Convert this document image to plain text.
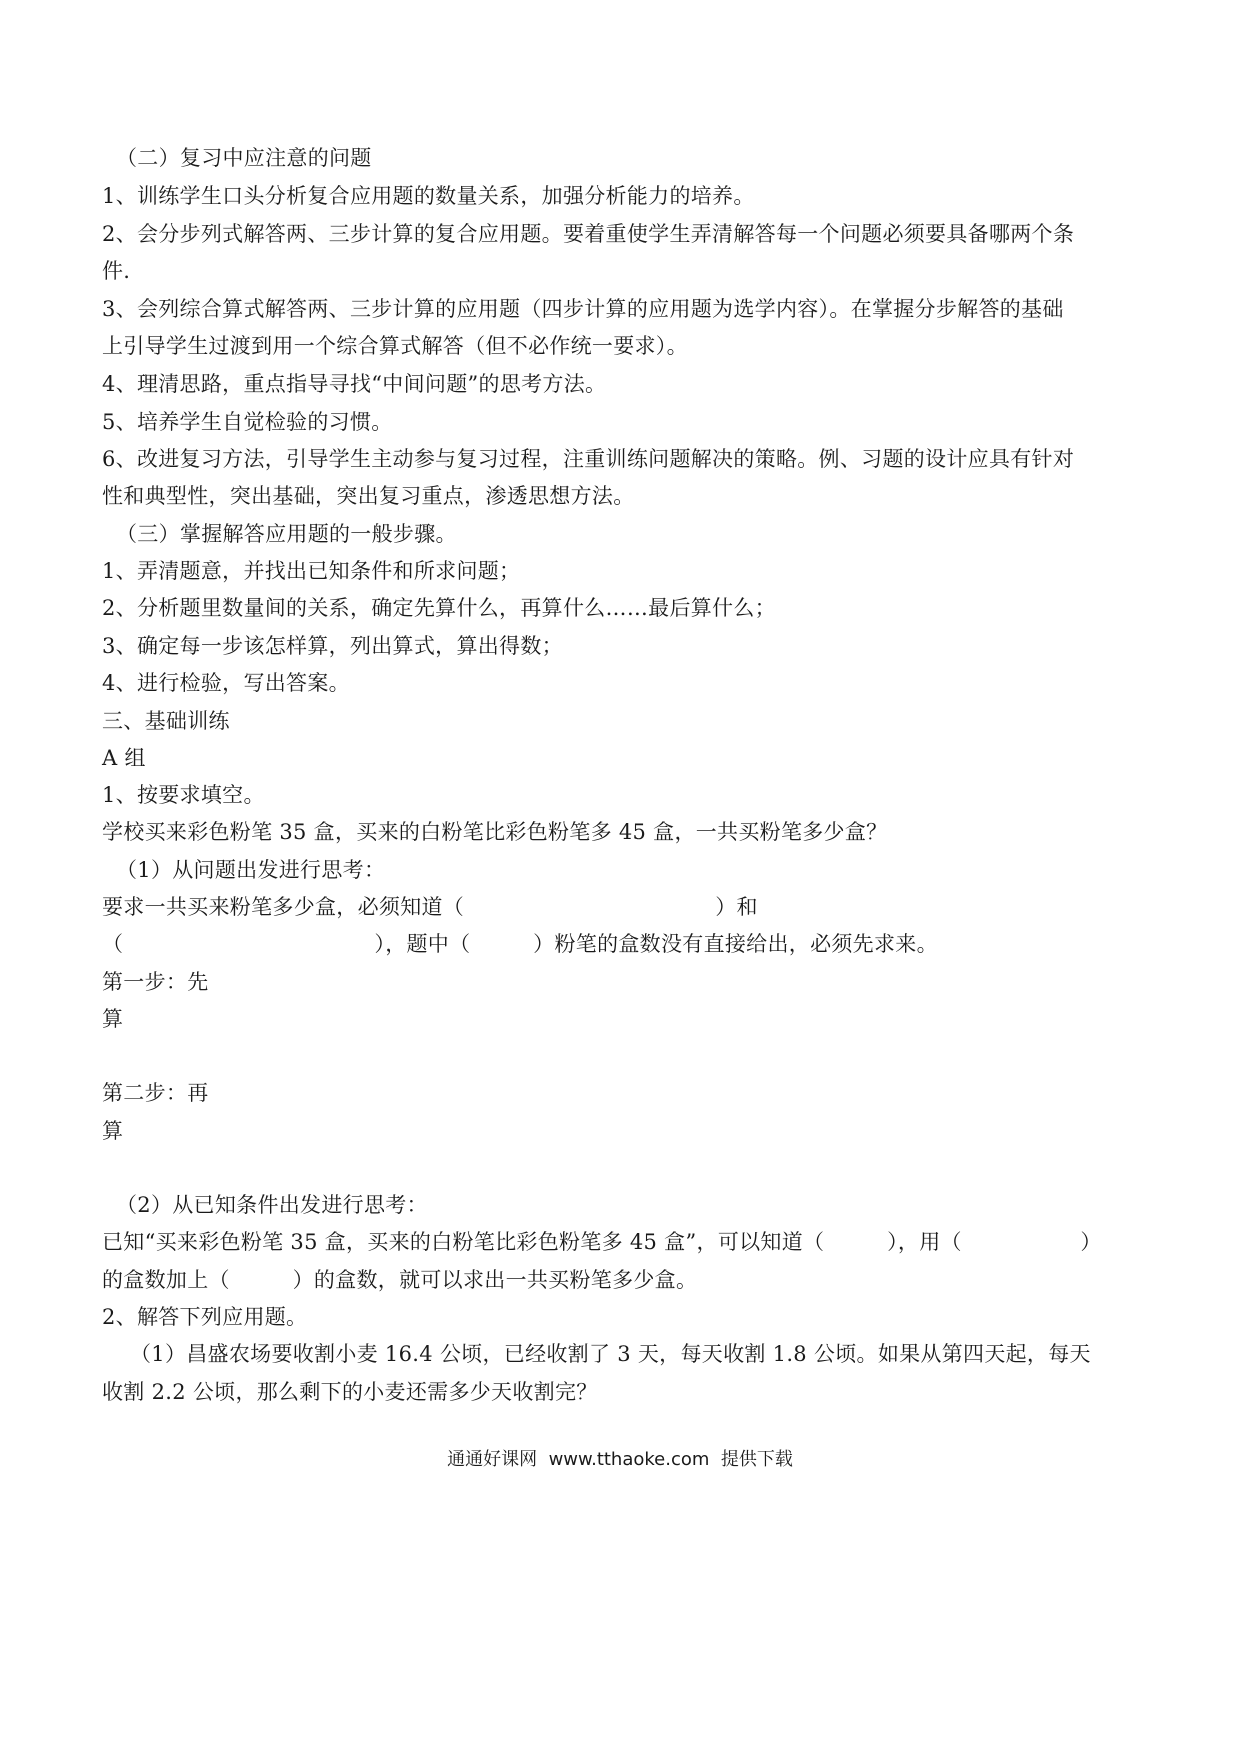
（二）复习中应注意的问题
1、训练学生口头分析复合应用题的数量关系，加强分析能力的培养。
2、会分步列式解答两、三步计算的复合应用题。要着重使学生弄清解答每一个问题必须要具备哪两个条
件.
3、会列综合算式解答两、三步计算的应用题（四步计算的应用题为选学内容）。在掌握分步解答的基础
上引导学生过渡到用一个综合算式解答（但不必作统一要求）。
4、理清思路，重点指导寻找“中间问题”的思考方法。
5、培养学生自觉检验的习惯。
6、改进复习方法，引导学生主动参与复习过程，注重训练问题解决的策略。例、习题的设计应具有针对
性和典型性，突出基础，突出复习重点，渗透思想方法。
（三）掌握解答应用题的一般步骤。
1、弄清题意，并找出已知条件和所求问题；
2、分析题里数量间的关系，确定先算什么，再算什么……最后算什么；
3、确定每一步该怎样算，列出算式，算出得数；
4、进行检验，写出答案。
三、基础训练
A 组
1、按要求填空。
学校买来彩色粉笔 35 盒，买来的白粉笔比彩色粉笔多 45 盒，一共买粉笔多少盒？
（1）从问题出发进行思考：
要求一共买来粉笔多少盒，必须知道（                                    ）和
（                                    ），题中（         ）粉笔的盒数没有直接给出，必须先求来。
第一步：先
算
第二步：再
算
（2）从已知条件出发进行思考：
已知“买来彩色粉笔 35 盒，买来的白粉笔比彩色粉笔多 45 盒”，可以知道（         ），用（                 ）
的盒数加上（         ）的盒数，就可以求出一共买粉笔多少盒。
2、解答下列应用题。
（1）昌盛农场要收割小麦 16.4 公顷，已经收割了 3 天，每天收割 1.8 公顷。如果从第四天起，每天
收割 2.2 公顷，那么剩下的小麦还需多少天收割完？
通通好课网  www.tthaoke.com  提供下载
